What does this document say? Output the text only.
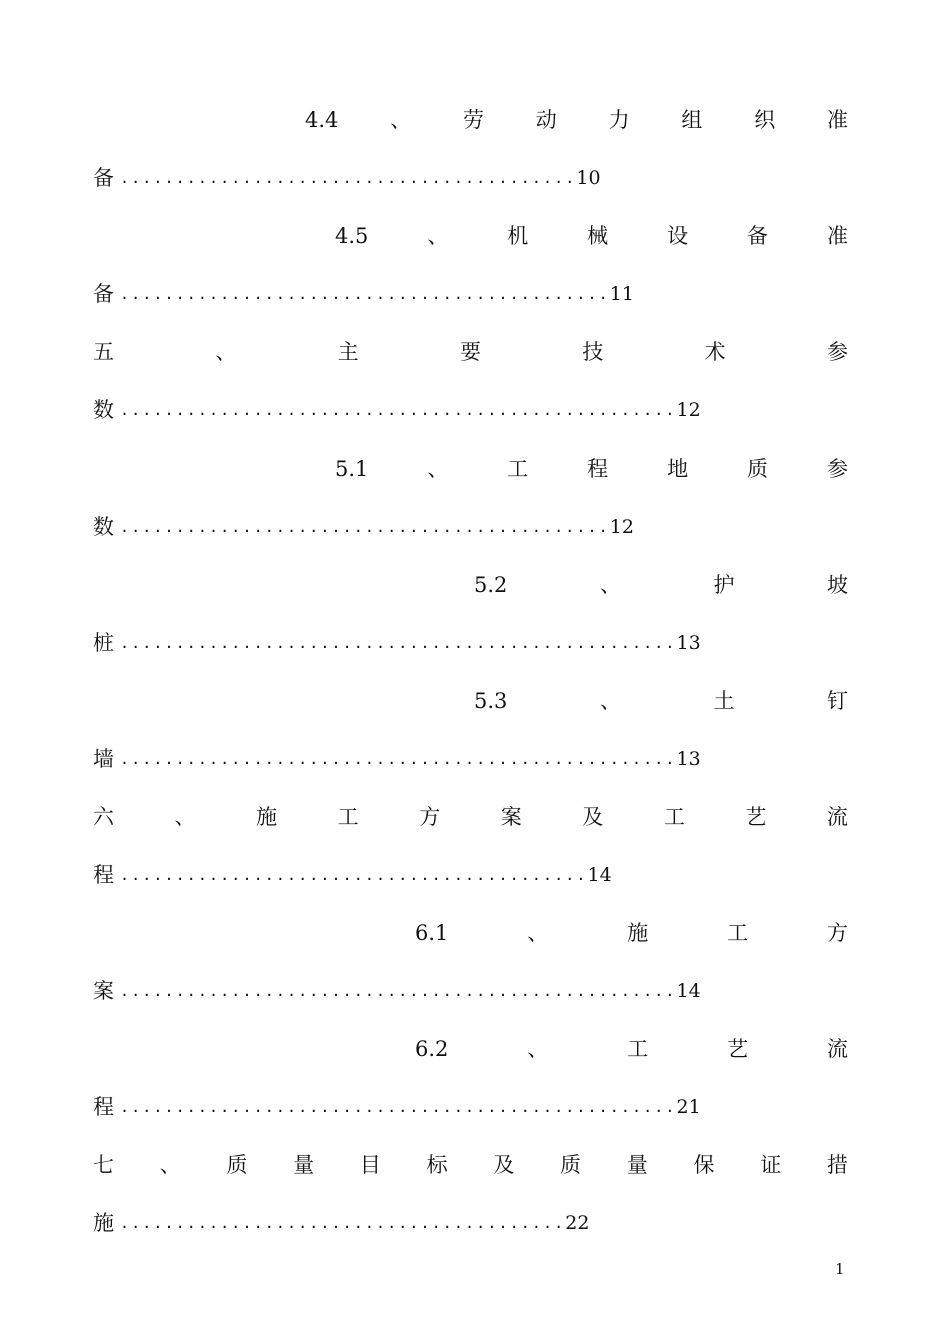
4.4 、 劳 动 力 组 织 准
备 ......................................... 10
4.5	、	机	械	设	备	准
备 ............................................ 11
五	、	主	要	技	术	参
数 .................................................. 12
5.1	、	工	程	地	质	参
数 ............................................ 12
5.2	、	护	坡
桩 .................................................. 13
5.3	、	土	钉
墙 .................................................. 13
六	、	施	工	方	案	及	工	艺	流
程 .......................................... 14
6.1	、	施	工	方
案 .................................................. 14
6.2	、	工	艺	流
程 .................................................. 21
七 、 质 量 目 标 及 质 量 保 证 措
施 ........................................ 22
1
